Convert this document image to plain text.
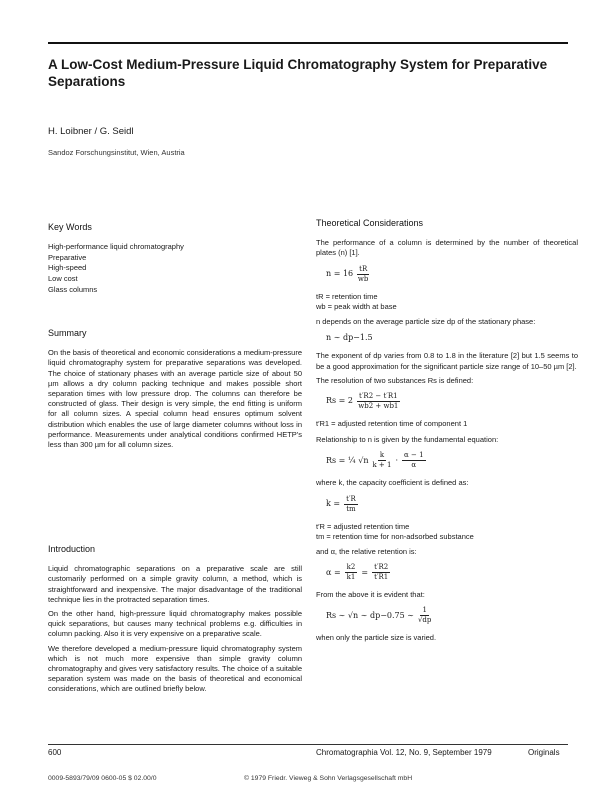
A Low-Cost Medium-Pressure Liquid Chromatography System for Preparative Separations
H. Loibner / G. Seidl
Sandoz Forschungsinstitut, Wien, Austria
Key Words
High-performance liquid chromatography
Preparative
High-speed
Low cost
Glass columns
Summary

On the basis of theoretical and economic considerations a medium-pressure liquid chromatography system for preparative separations was developed. The choice of stationary phases with an average particle size of about 50 µm allows a dry column packing technique and makes possible short separation times with low pressure drop. The columns can therefore be constructed of glass. Their design is very simple, the end fitting is uniform for all column sizes. A special column head ensures optimum solvent distribution which enables the use of large diameter columns without loss in performance. Measurements under analytical conditions confirmed HETP's less than 300 µm for all column sizes.

Introduction

Liquid chromatographic separations on a preparative scale are still customarily performed on a simple gravity column, a method, which is straightforward and inexpensive. The major disadvantage of the traditional technique lies in the protracted separation times.

On the other hand, high-pressure liquid chromatography makes possible quick separations, but causes many technical problems e.g. difficulties in column packing. Also it is very expensive on a preparative scale.

We therefore developed a medium-pressure liquid chromatography system which is not much more expensive than simple gravity column chromatography and gives very satisfactory results. The choice of a suitable separation system was made on the basis of theoretical and economical considerations, which are outlined briefly below.

Theoretical Considerations

The performance of a column is determined by the number of theoretical plates (n) [1].

$n = 16 \frac{tR}{wb}$
tR = retention time
wb = peak width at base

n depends on the average particle size dp of the stationary phase:

n ∼ dp−1.5

The exponent of dp varies from 0.8 to 1.8 in the literature [2] but 1.5 seems to be a good approximation for the significant particle size range of 10–50 µm [2].

The resolution of two substances Rs is defined:

$Rs = 2 \frac{t'R2 - t'R1}{wb2 + wb1}$
t′R1 = adjusted retention time of component 1

Relationship to n is given by the fundamental equation:

Rs = ¼ $√n \frac{k}{k + 1} \cdot \frac{\alpha - 1}{\alpha}$

where k, the capacity coefficient is defined as:

$k = \frac{t'R}{tm}$
t′R = adjusted retention time
tm = retention time for non-adsorbed substance

and α, the relative retention is:

$\alpha = \frac{k2}{k1} = \frac{t'R2}{t'R1}$

From the above it is evident that:

Rs ∼ √n ∼ dp−0.75 ∼ $\frac{1}{√dp}$

when only the particle size is varied.

600	Chromatographia Vol. 12, No. 9, September 1979	Originals
0009-5893/79/09 0600-05 $ 02.00/0	© 1979 Friedr. Vieweg & Sohn Verlagsgesellschaft mbH
